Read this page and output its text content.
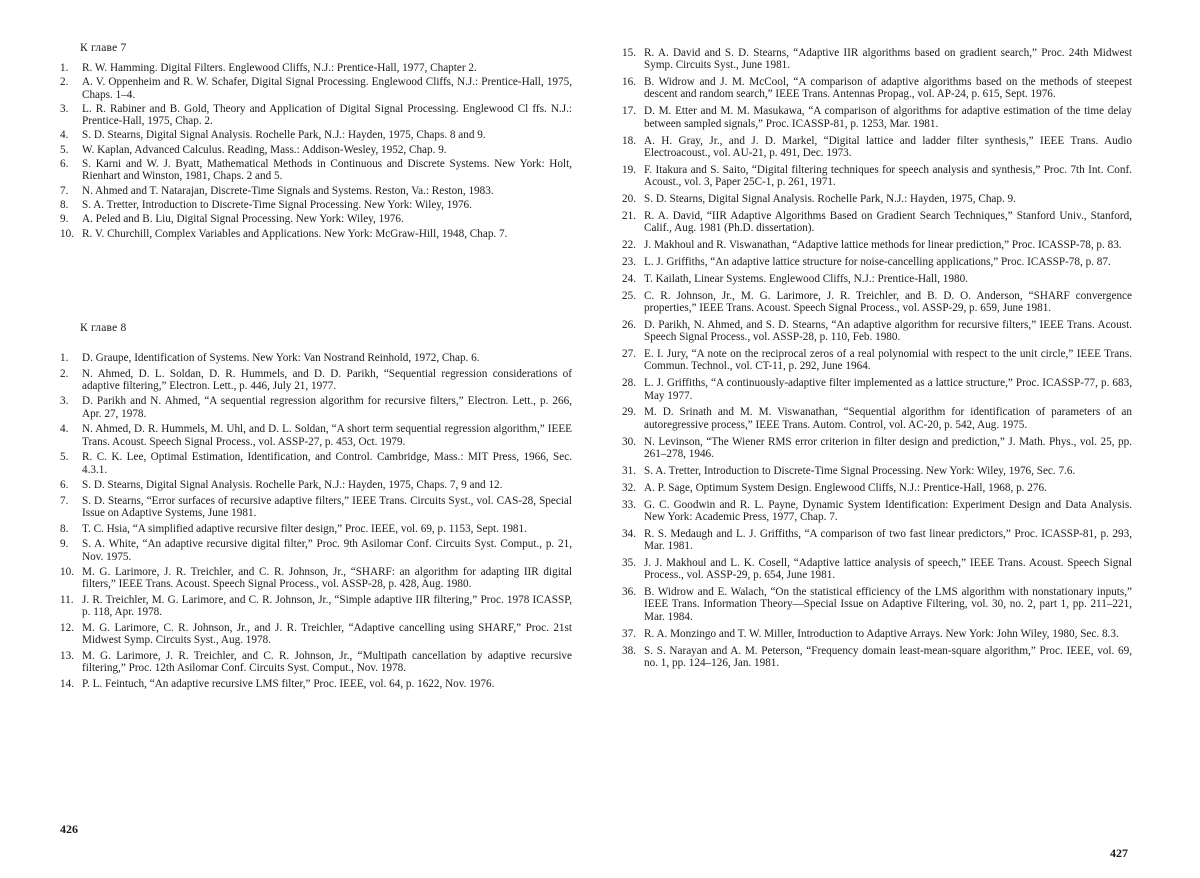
К главе 7
1.	R. W. Hamming. Digital Filters. Englewood Cliffs, N.J.: Prentice-Hall, 1977, Chapter 2.
2.	A. V. Oppenheim and R. W. Schafer, Digital Signal Processing. Englewood Cliffs, N.J.: Prentice-Hall, 1975, Chaps. 1–4.
3.	L. R. Rabiner and B. Gold, Theory and Application of Digital Signal Processing. Englewood Cl ffs. N.J.: Prentice-Hall, 1975, Chap. 2.
4.	S. D. Stearns, Digital Signal Analysis. Rochelle Park, N.J.: Hayden, 1975, Chaps. 8 and 9.
5.	W. Kaplan, Advanced Calculus. Reading, Mass.: Addison-Wesley, 1952, Chap. 9.
6.	S. Karni and W. J. Byatt, Mathematical Methods in Continuous and Discrete Systems. New York: Holt, Rienhart and Winston, 1981, Chaps. 2 and 5.
7.	N. Ahmed and T. Natarajan, Discrete-Time Signals and Systems. Reston, Va.: Reston, 1983.
8.	S. A. Tretter, Introduction to Discrete-Time Signal Processing. New York: Wiley, 1976.
9.	A. Peled and B. Liu, Digital Signal Processing. New York: Wiley, 1976.
10. R. V. Churchill, Complex Variables and Applications. New York: McGraw-Hill, 1948, Chap. 7.
К главе 8
1.	D. Graupe, Identification of Systems. New York: Van Nostrand Reinhold, 1972, Chap. 6.
2.	N. Ahmed, D. L. Soldan, D. R. Hummels, and D. D. Parikh, “Sequential regression considerations of adaptive filtering,” Electron. Lett., p. 446, July 21, 1977.
3.	D. Parikh and N. Ahmed, “A sequential regression algorithm for recursive filters,” Electron. Lett., p. 266, Apr. 27, 1978.
4.	N. Ahmed, D. R. Hummels, M. Uhl, and D. L. Soldan, “A short term sequential regression algorithm,” IEEE Trans. Acoust. Speech Signal Process., vol. ASSP-27, p. 453, Oct. 1979.
5.	R. C. K. Lee, Optimal Estimation, Identification, and Control. Cambridge, Mass.: MIT Press, 1966, Sec. 4.3.1.
6.	S. D. Stearns, Digital Signal Analysis. Rochelle Park, N.J.: Hayden, 1975, Chaps. 7, 9 and 12.
7.	S. D. Stearns, “Error surfaces of recursive adaptive filters,” IEEE Trans. Circuits Syst., vol. CAS-28, Special Issue on Adaptive Systems, June 1981.
8.	T. C. Hsia, “A simplified adaptive recursive filter design,” Proc. IEEE, vol. 69, p. 1153, Sept. 1981.
9.	S. A. White, “An adaptive recursive digital filter,” Proc. 9th Asilomar Conf. Circuits Syst. Comput., p. 21, Nov. 1975.
10. M. G. Larimore, J. R. Treichler, and C. R. Johnson, Jr., “SHARF: an algorithm for adapting IIR digital filters,” IEEE Trans. Acoust. Speech Signal Process., vol. ASSP-28, p. 428, Aug. 1980.
11. J. R. Treichler, M. G. Larimore, and C. R. Johnson, Jr., “Simple adaptive IIR filtering,” Proc. 1978 ICASSP, p. 118, Apr. 1978.
12. M. G. Larimore, C. R. Johnson, Jr., and J. R. Treichler, “Adaptive cancelling using SHARF,” Proc. 21st Midwest Symp. Circuits Syst., Aug. 1978.
13. M. G. Larimore, J. R. Treichler, and C. R. Johnson, Jr., “Multipath cancellation by adaptive recursive filtering,” Proc. 12th Asilomar Conf. Circuits Syst. Comput., Nov. 1978.
14. P. L. Feintuch, “An adaptive recursive LMS filter,” Proc. IEEE, vol. 64, p. 1622, Nov. 1976.
426
15. R. A. David and S. D. Stearns, “Adaptive IIR algorithms based on gradient search,” Proc. 24th Midwest Symp. Circuits Syst., June 1981.
16. B. Widrow and J. M. McCool, “A comparison of adaptive algorithms based on the methods of steepest descent and random search,” IEEE Trans. Antennas Propag., vol. AP-24, p. 615, Sept. 1976.
17. D. M. Etter and M. M. Masukawa, “A comparison of algorithms for adaptive estimation of the time delay between sampled signals,” Proc. ICASSP-81, p. 1253, Mar. 1981.
18. A. H. Gray, Jr., and J. D. Markel, “Digital lattice and ladder filter synthesis,” IEEE Trans. Audio Electroacoust., vol. AU-21, p. 491, Dec. 1973.
19. F. Itakura and S. Saito, “Digital filtering techniques for speech analysis and synthesis,” Proc. 7th Int. Conf. Acoust., vol. 3, Paper 25C-1, p. 261, 1971.
20. S. D. Stearns, Digital Signal Analysis. Rochelle Park, N.J.: Hayden, 1975, Chap. 9.
21. R. A. David, “IIR Adaptive Algorithms Based on Gradient Search Techniques,” Stanford Univ., Stanford, Calif., Aug. 1981 (Ph.D. dissertation).
22. J. Makhoul and R. Viswanathan, “Adaptive lattice methods for linear prediction,” Proc. ICASSP-78, p. 83.
23. L. J. Griffiths, “An adaptive lattice structure for noise-cancelling applications,” Proc. ICASSP-78, p. 87.
24. T. Kailath, Linear Systems. Englewood Cliffs, N.J.: Prentice-Hall, 1980.
25. C. R. Johnson, Jr., M. G. Larimore, J. R. Treichler, and B. D. O. Anderson, “SHARF convergence properties,” IEEE Trans. Acoust. Speech Signal Process., vol. ASSP-29, p. 659, June 1981.
26. D. Parikh, N. Ahmed, and S. D. Stearns, “An adaptive algorithm for recursive filters,” IEEE Trans. Acoust. Speech Signal Process., vol. ASSP-28, p. 110, Feb. 1980.
27. E. I. Jury, “A note on the reciprocal zeros of a real polynomial with respect to the unit circle,” IEEE Trans. Commun. Technol., vol. CT-11, p. 292, June 1964.
28. L. J. Griffiths, “A continuously-adaptive filter implemented as a lattice structure,” Proc. ICASSP-77, p. 683, May 1977.
29. M. D. Srinath and M. M. Viswanathan, “Sequential algorithm for identification of parameters of an autoregressive process,” IEEE Trans. Autom. Control, vol. AC-20, p. 542, Aug. 1975.
30. N. Levinson, “The Wiener RMS error criterion in filter design and prediction,” J. Math. Phys., vol. 25, pp. 261–278, 1946.
31. S. A. Tretter, Introduction to Discrete-Time Signal Processing. New York: Wiley, 1976, Sec. 7.6.
32. A. P. Sage, Optimum System Design. Englewood Cliffs, N.J.: Prentice-Hall, 1968, p. 276.
33. G. C. Goodwin and R. L. Payne, Dynamic System Identification: Experiment Design and Data Analysis. New York: Academic Press, 1977, Chap. 7.
34. R. S. Medaugh and L. J. Griffiths, “A comparison of two fast linear predictors,” Proc. ICASSP-81, p. 293, Mar. 1981.
35. J. J. Makhoul and L. K. Cosell, “Adaptive lattice analysis of speech,” IEEE Trans. Acoust. Speech Signal Process., vol. ASSP-29, p. 654, June 1981.
36. B. Widrow and E. Walach, “On the statistical efficiency of the LMS algorithm with nonstationary inputs,” IEEE Trans. Information Theory—Special Issue on Adaptive Filtering, vol. 30, no. 2, part 1, pp. 211–221, Mar. 1984.
37. R. A. Monzingo and T. W. Miller, Introduction to Adaptive Arrays. New York: John Wiley, 1980, Sec. 8.3.
38. S. S. Narayan and A. M. Peterson, “Frequency domain least-mean-square algorithm,” Proc. IEEE, vol. 69, no. 1, pp. 124–126, Jan. 1981.
427
